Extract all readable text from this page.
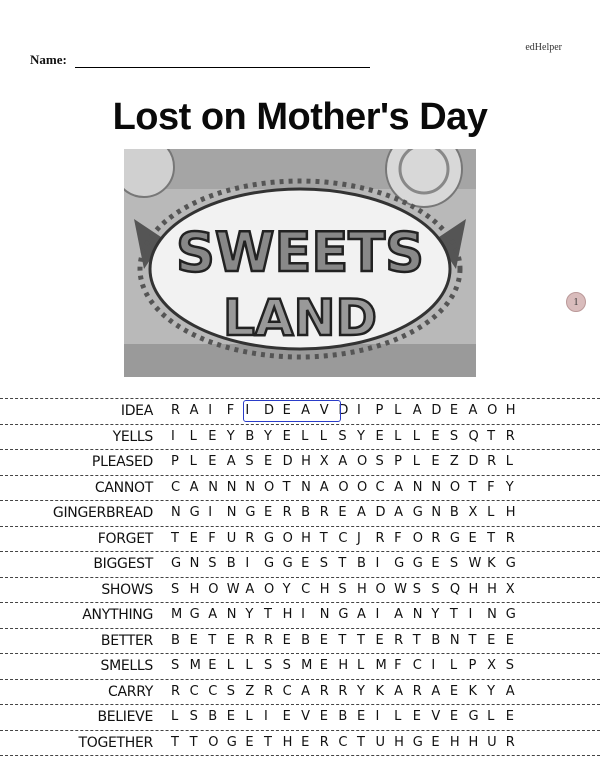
edHelper
Name:
Lost on Mother's Day
SWEETS
LAND	1
IDEA R A I	F I	D E A V D I	P L A D E A O H
YELLS I	L E Y B Y E L L S Y E L L E S Q T R
PLEASED P L E A S E D H X A O S P L E Z D R L
CANNOT C A N N N O T N A O O C A N N O T F Y
GINGERBREAD N G I	N G E R B R E A D A G N B X L H
FORGET T E F U R G O H T C J	R F O R G E T R
BIGGEST G N S B I	G G E S T B I	G G E S W K G
SHOWS S H O W A O Y C H S H O W S S Q H H X
ANYTHING M G A N Y T H I	N G A I	A N Y T I	N G
BETTER B E T E R R E B E T T E R T B N T E E
SMELLS S M E L L S S M E H L M F C I	L P X S
CARRY R C C S Z R C A R R Y K A R A E K Y A
BELIEVE L S B E L I	E V E B E I	L E V E G L E
TOGETHER T T O G E T H E R C T U H G E H H U R
